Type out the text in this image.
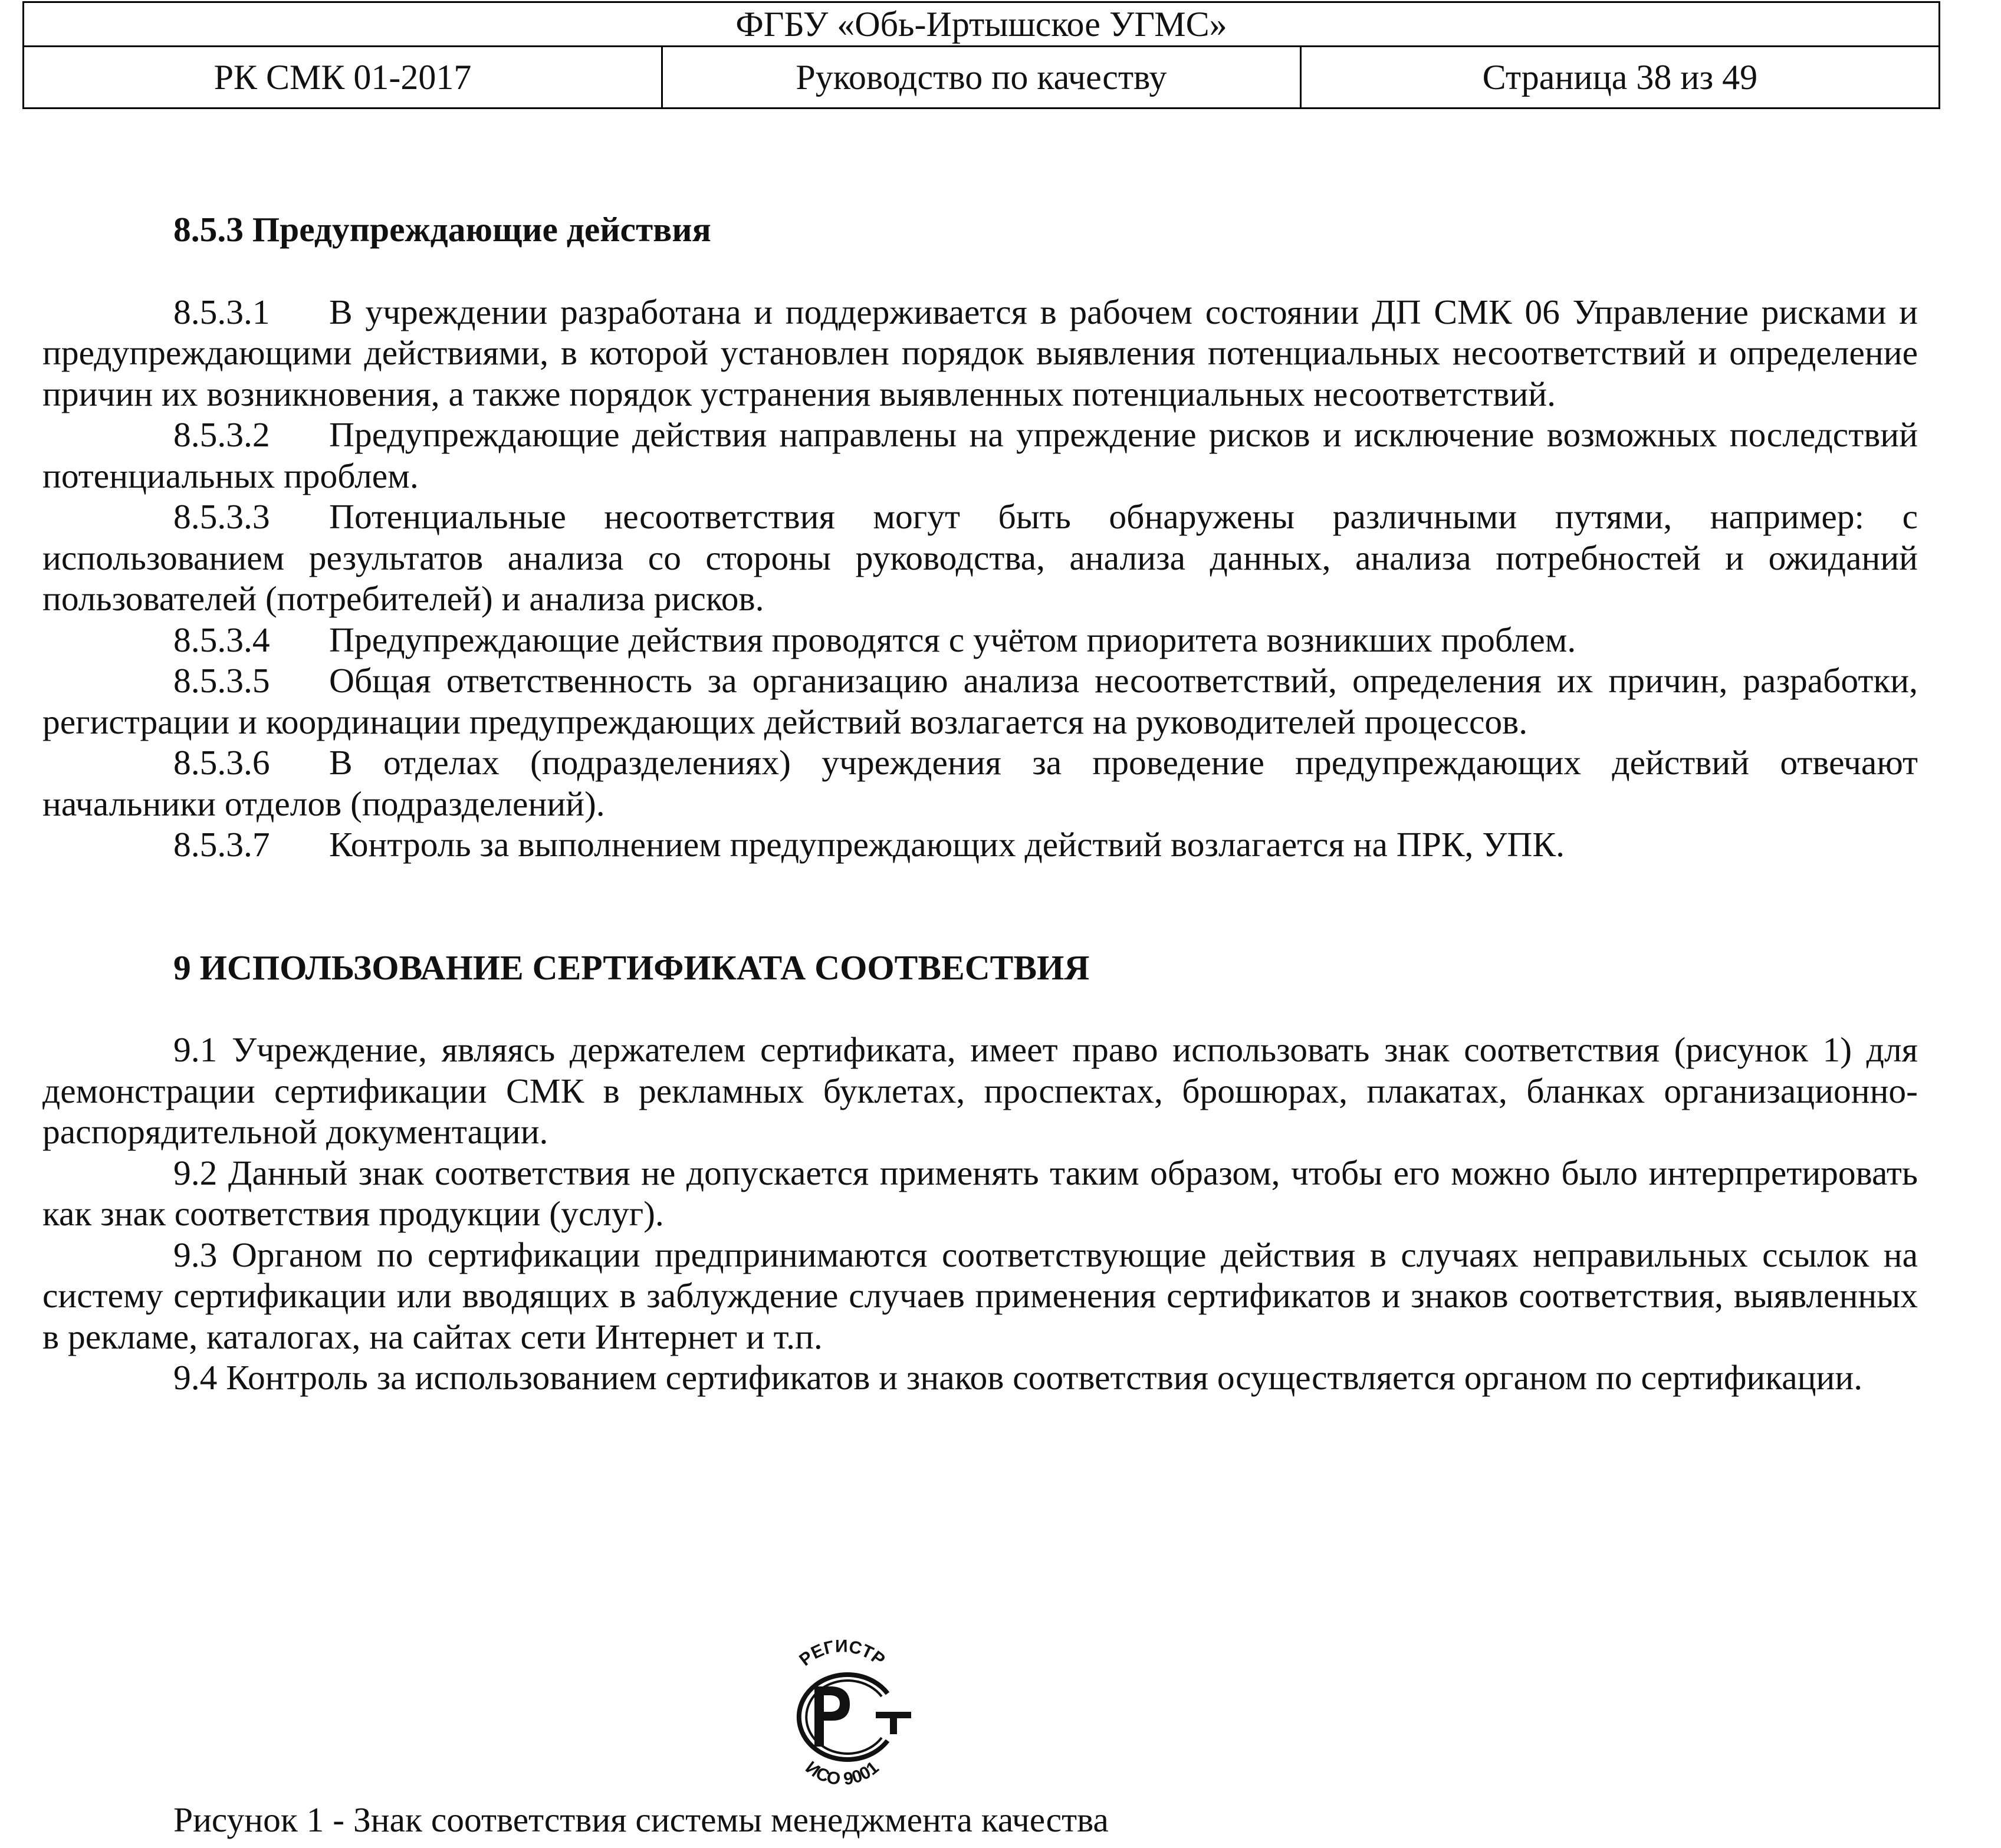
ФГБУ «Обь-Иртышское УГМС»
РК СМК 01-2017	Руководство по качеству	Страница 38 из 49
8.5.3 Предупреждающие действия

8.5.3.1 В учреждении разработана и поддерживается в рабочем состоянии ДП СМК 06 Управление рисками и предупреждающими действиями, в которой установлен порядок выявления потенциальных несоответствий и определение причин их возникновения, а также порядок устранения выявленных потенциальных несоответствий.

8.5.3.2 Предупреждающие действия направлены на упреждение рисков и исключение возможных последствий потенциальных проблем.

8.5.3.3 Потенциальные несоответствия могут быть обнаружены различными путями, например: с использованием результатов анализа со стороны руководства, анализа данных, анализа потребностей и ожиданий пользователей (потребителей) и анализа рисков.

8.5.3.4 Предупреждающие действия проводятся с учётом приоритета возникших проблем.

8.5.3.5 Общая ответственность за организацию анализа несоответствий, определения их причин, разработки, регистрации и координации предупреждающих действий возлагается на руководителей процессов.

8.5.3.6 В отделах (подразделениях) учреждения за проведение предупреждающих действий отвечают начальники отделов (подразделений).

8.5.3.7 Контроль за выполнением предупреждающих действий возлагается на ПРК, УПК.

9 ИСПОЛЬЗОВАНИЕ СЕРТИФИКАТА СООТВЕСТВИЯ

9.1 Учреждение, являясь держателем сертификата, имеет право использовать знак соответствия (рисунок 1) для демонстрации сертификации СМК в рекламных буклетах, проспектах, брошюрах, плакатах, бланках организационно-распорядительной документации.

9.2 Данный знак соответствия не допускается применять таким образом, чтобы его можно было интерпретировать как знак соответствия продукции (услуг).

9.3 Органом по сертификации предпринимаются соответствующие действия в случаях неправильных ссылок на систему сертификации или вводящих в заблуждение случаев применения сертификатов и знаков соответствия, выявленных в рекламе, каталогах, на сайтах сети Интернет и т.п.

9.4 Контроль за использованием сертификатов и знаков соответствия осуществляется органом по сертификации.

РЕГИСТР
ИСО 9001
Рисунок 1 - Знак соответствия системы менеджмента качества
